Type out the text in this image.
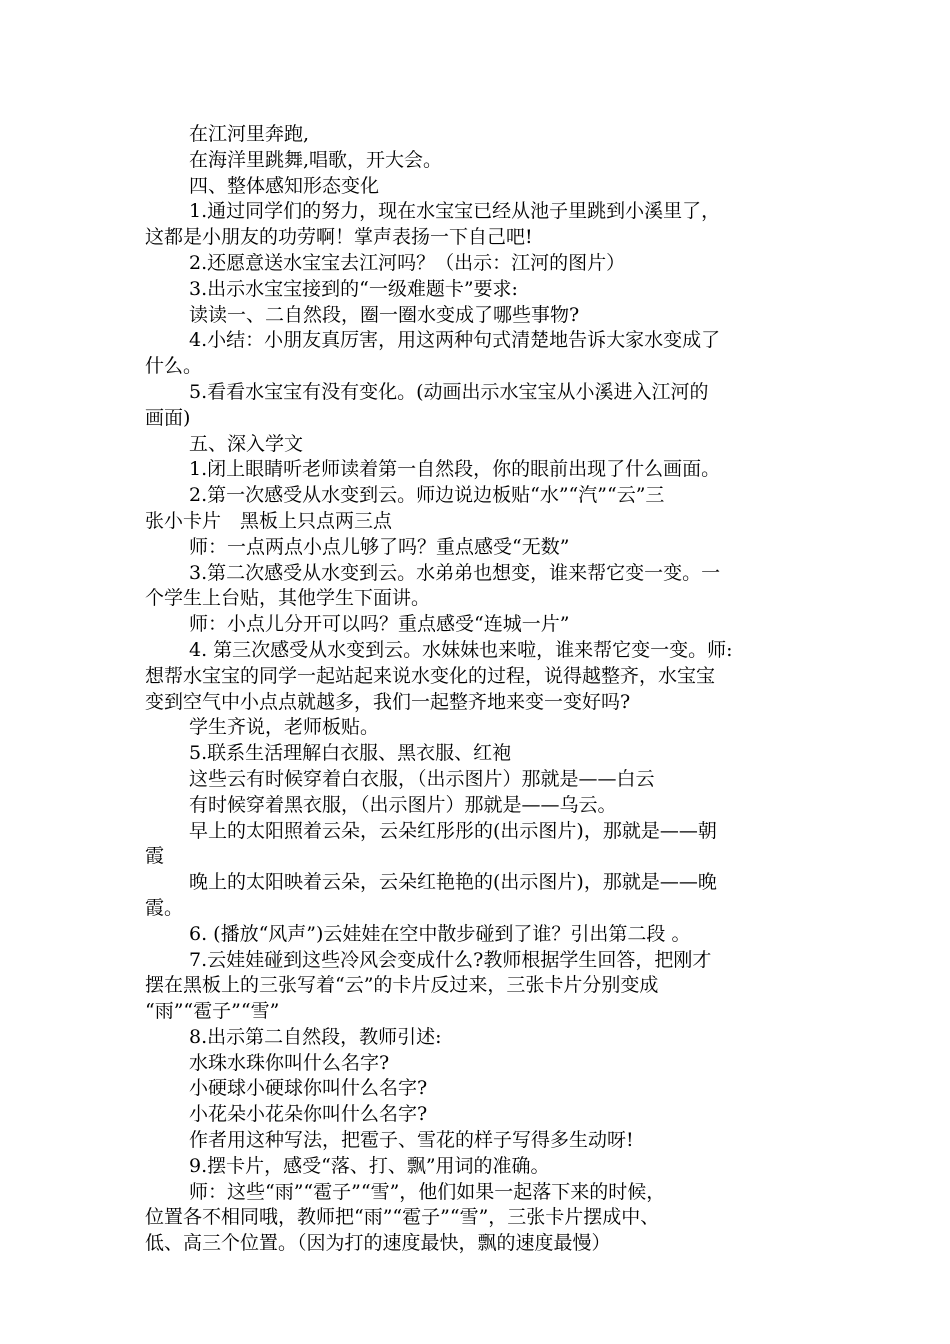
在江河里奔跑,
在海洋里跳舞,唱歌，开大会。
四、整体感知形态变化
1.通过同学们的努力，现在水宝宝已经从池子里跳到小溪里了，
这都是小朋友的功劳啊！掌声表扬一下自己吧!
2.还愿意送水宝宝去江河吗？（出示：江河的图片）
3.出示水宝宝接到的“一级难题卡”要求:
读读一、二自然段，圈一圈水变成了哪些事物?
4.小结：小朋友真厉害，用这两种句式清楚地告诉大家水变成了
什么。
5.看看水宝宝有没有变化。(动画出示水宝宝从小溪进入江河的
画面)
五、深入学文
1.闭上眼睛听老师读着第一自然段，你的眼前出现了什么画面。
2.第一次感受从水变到云。师边说边板贴“水”“汽”“云”三
张小卡片　黑板上只点两三点
师：一点两点小点儿够了吗？重点感受“无数”
3.第二次感受从水变到云。水弟弟也想变，谁来帮它变一变。一
个学生上台贴，其他学生下面讲。
师：小点儿分开可以吗？重点感受“连城一片”
4. 第三次感受从水变到云。水妹妹也来啦，谁来帮它变一变。师:
想帮水宝宝的同学一起站起来说水变化的过程，说得越整齐，水宝宝
变到空气中小点点就越多，我们一起整齐地来变一变好吗?
学生齐说，老师板贴。
5.联系生活理解白衣服、黑衣服、红袍
这些云有时候穿着白衣服，（出示图片）那就是——白云
有时候穿着黑衣服，（出示图片）那就是——乌云。
早上的太阳照着云朵，云朵红彤彤的(出示图片)，那就是——朝
霞
晚上的太阳映着云朵，云朵红艳艳的(出示图片)，那就是——晚
霞。
6. (播放“风声”)云娃娃在空中散步碰到了谁？引出第二段 。
7.云娃娃碰到这些冷风会变成什么?教师根据学生回答，把刚才
摆在黑板上的三张写着“云”的卡片反过来，三张卡片分别变成
“雨”“雹子”“雪”
8.出示第二自然段，教师引述:
水珠水珠你叫什么名字?
小硬球小硬球你叫什么名字?
小花朵小花朵你叫什么名字?
作者用这种写法，把雹子、雪花的样子写得多生动呀!
9.摆卡片，感受“落、打、飘”用词的准确。
师：这些“雨”“雹子”“雪”，他们如果一起落下来的时候，
位置各不相同哦，教师把“雨”“雹子”“雪”，三张卡片摆成中、
低、高三个位置。（因为打的速度最快，飘的速度最慢）
